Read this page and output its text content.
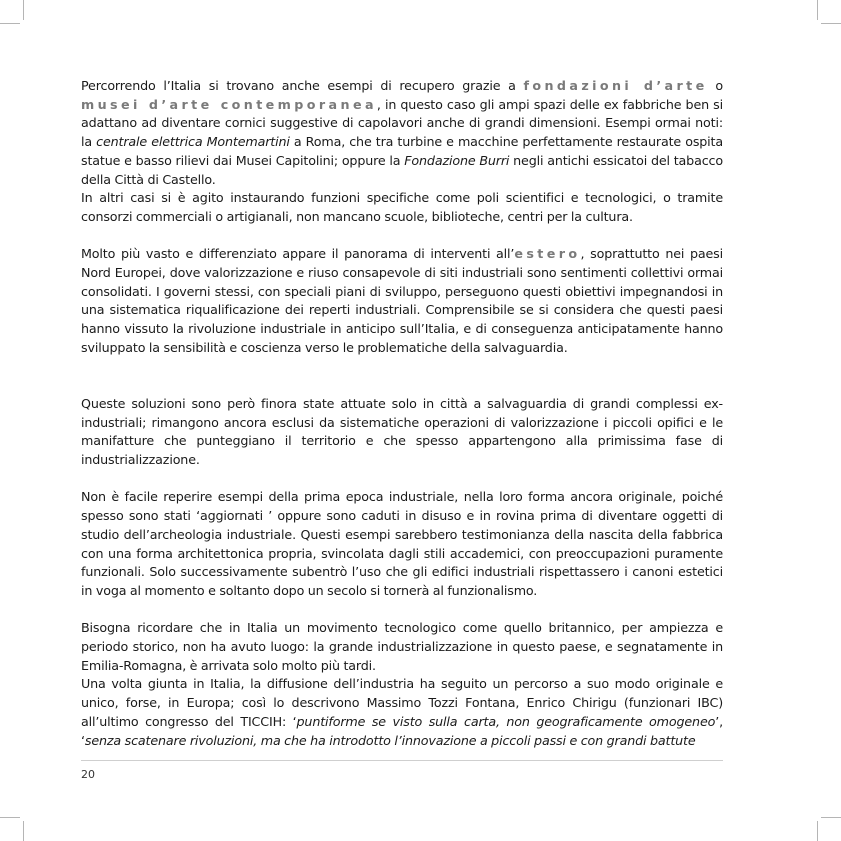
Percorrendo l’Italia si trovano anche esempi di recupero grazie a fondazioni d’arte o musei d’arte contemporanea, in questo caso gli ampi spazi delle ex fabbriche ben si adattano ad diventare cornici suggestive di capolavori anche di grandi dimensioni. Esempi ormai noti: la centrale elettrica Montemartini a Roma, che tra turbine e macchine perfettamente restaurate ospita statue e basso rilievi dai Musei Capitolini; oppure la Fondazione Burri negli antichi essicatoi del tabacco della Città di Castello.

In altri casi si è agito instaurando funzioni specifiche come poli scientifici e tecnologici, o tramite consorzi commerciali o artigianali, non mancano scuole, biblioteche, centri per la cultura.

Molto più vasto e differenziato appare il panorama di interventi all’estero, soprattutto nei paesi Nord Europei, dove valorizzazione e riuso consapevole di siti industriali sono sentimenti collettivi ormai consolidati. I governi stessi, con speciali piani di sviluppo, perseguono questi obiettivi impegnandosi in una sistematica riqualificazione dei reperti industriali. Comprensibile se si considera che questi paesi hanno vissuto la rivoluzione industriale in anticipo sull’Italia, e di conseguenza anticipatamente hanno sviluppato la sensibilità e coscienza verso le problematiche della salvaguardia.

Queste soluzioni sono però finora state attuate solo in città a salvaguardia di grandi complessi ex-industriali; rimangono ancora esclusi da sistematiche operazioni di valorizzazione i piccoli opifici e le manifatture che punteggiano il territorio e che spesso appartengono alla primissima fase di industrializzazione.

Non è facile reperire esempi della prima epoca industriale, nella loro forma ancora originale, poiché spesso sono stati ‘aggiornati ’ oppure sono caduti in disuso e in rovina prima di diventare oggetti di studio dell’archeologia industriale. Questi esempi sarebbero testimonianza della nascita della fabbrica con una forma architettonica propria, svincolata dagli stili accademici, con preoccupazioni puramente funzionali. Solo successivamente subentrò l’uso che gli edifici industriali rispettassero i canoni estetici in voga al momento e soltanto dopo un secolo si tornerà al funzionalismo.

Bisogna ricordare che in Italia un movimento tecnologico come quello britannico, per ampiezza e periodo storico, non ha avuto luogo: la grande industrializzazione in questo paese, e segnatamente in Emilia-Romagna, è arrivata solo molto più tardi.

Una volta giunta in Italia, la diffusione dell’industria ha seguito un percorso a suo modo originale e unico, forse, in Europa; così lo descrivono Massimo Tozzi Fontana, Enrico Chirigu (funzionari IBC) all’ultimo congresso del TICCIH: ‘puntiforme se visto sulla carta, non geograficamente omogeneo’, ‘senza scatenare rivoluzioni, ma che ha introdotto l’innovazione a piccoli passi e con grandi battute

20
